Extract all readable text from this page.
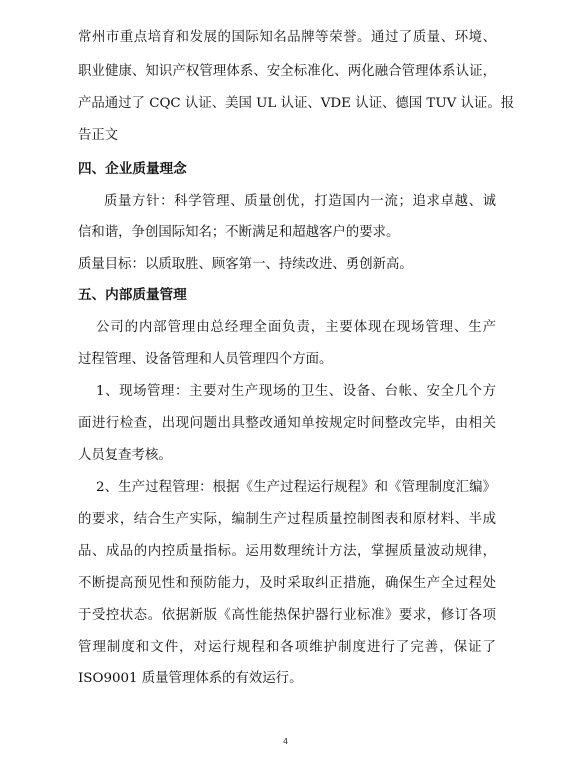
常州市重点培育和发展的国际知名品牌等荣誉。通过了质量、环境、
职业健康、知识产权管理体系、安全标准化、两化融合管理体系认证，
产品通过了 CQC 认证、美国 UL 认证、VDE 认证、德国 TUV 认证。报
告正文
四、企业质量理念
质量方针：科学管理、质量创优，打造国内一流；追求卓越、诚
信和谐，争创国际知名；不断满足和超越客户的要求。
质量目标：以质取胜、顾客第一、持续改进、勇创新高。
五、内部质量管理
公司的内部管理由总经理全面负责，主要体现在现场管理、生产
过程管理、设备管理和人员管理四个方面。
1、现场管理：主要对生产现场的卫生、设备、台帐、安全几个方
面进行检查，出现问题出具整改通知单按规定时间整改完毕，由相关
人员复查考核。
2、生产过程管理：根据《生产过程运行规程》和《管理制度汇编》
的要求，结合生产实际，编制生产过程质量控制图表和原材料、半成
品、成品的内控质量指标。运用数理统计方法，掌握质量波动规律，
不断提高预见性和预防能力，及时采取纠正措施，确保生产全过程处
于受控状态。依据新版《高性能热保护器行业标准》要求，修订各项
管理制度和文件，对运行规程和各项维护制度进行了完善，保证了
ISO9001 质量管理体系的有效运行。
4
